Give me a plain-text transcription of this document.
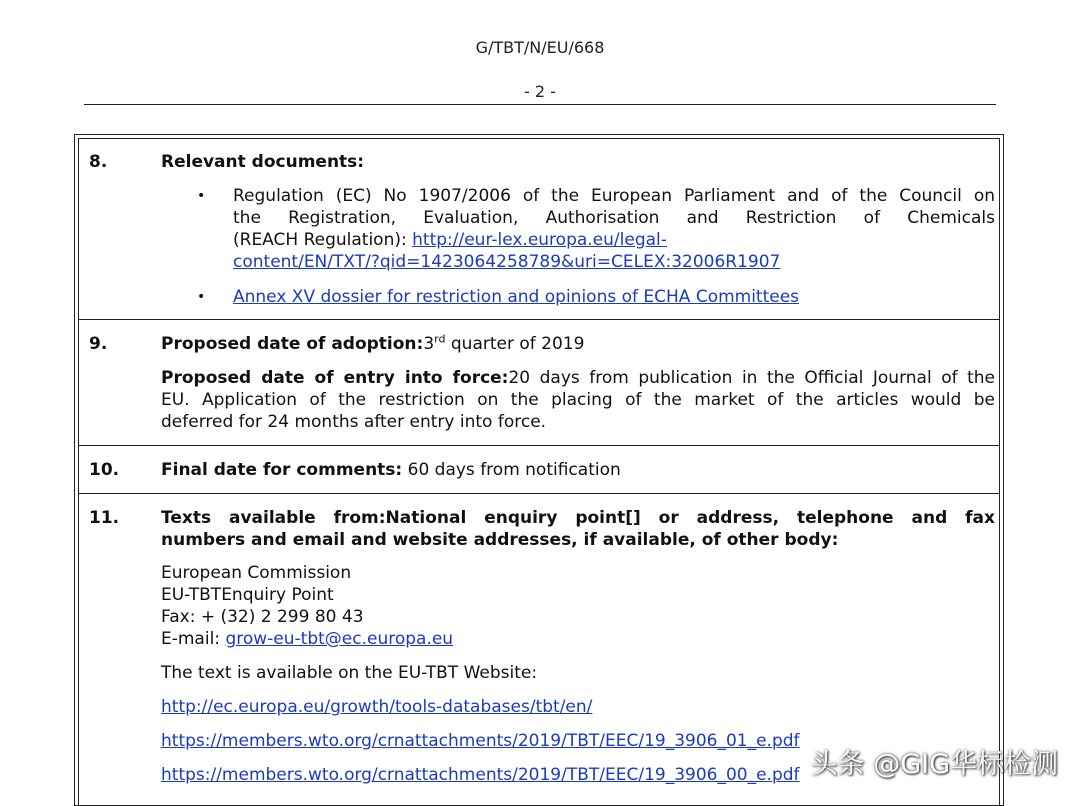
G/TBT/N/EU/668
- 2 -
8.	Relevant documents:
• Regulation (EC) No 1907/2006 of the European Parliament and of the Council on
the Registration, Evaluation, Authorisation and Restriction of Chemicals
(REACH Regulation): http://eur-lex.europa.eu/legal-
content/EN/TXT/?qid=1423064258789&uri=CELEX:32006R1907
• Annex XV dossier for restriction and opinions of ECHA Committees
9.	Proposed date of adoption:3rd quarter of 2019
Proposed date of entry into force:20 days from publication in the Official Journal of the
EU. Application of the restriction on the placing of the market of the articles would be
deferred for 24 months after entry into force.
10. Final date for comments: 60 days from notification
11. Texts available from:National enquiry point[] or address, telephone and fax
numbers and email and website addresses, if available, of other body:
European Commission
EU-TBTEnquiry Point
Fax: + (32) 2 299 80 43
E-mail: grow-eu-tbt@ec.europa.eu
The text is available on the EU-TBT Website:
http://ec.europa.eu/growth/tools-databases/tbt/en/
https://members.wto.org/crnattachments/2019/TBT/EEC/19_3906_01_e.pdf
https://members.wto.org/crnattachments/2019/TBT/EEC/19_3906_00_e.pdf 头条 @GIG华标检测
